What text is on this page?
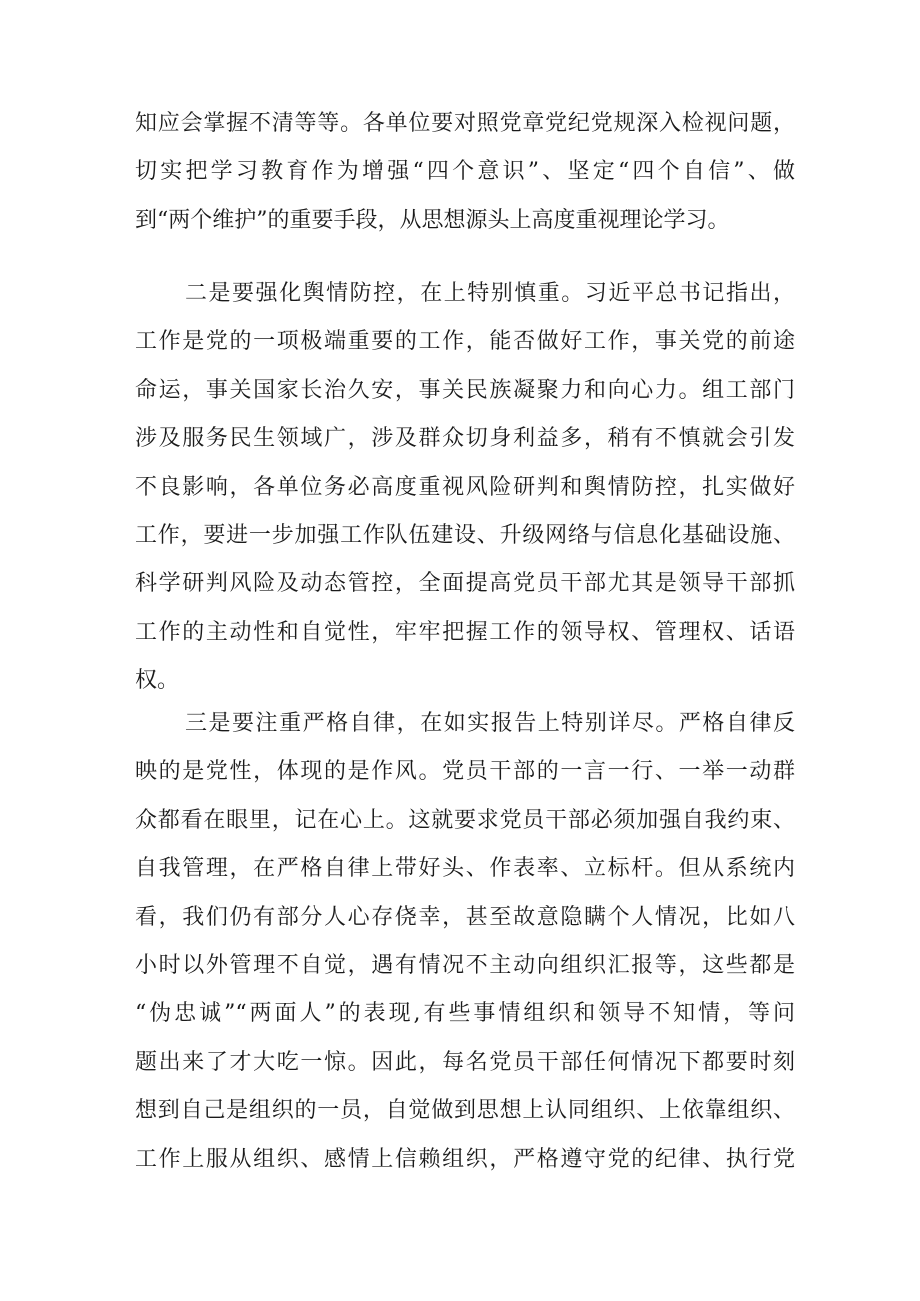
知应会掌握不清等等。各单位要对照党章党纪党规深入检视问题，
切实把学习教育作为增强“四个意识”、坚定“四个自信”、做
到“两个维护”的重要手段，从思想源头上高度重视理论学习。
二是要强化舆情防控，在上特别慎重。习近平总书记指出，
工作是党的一项极端重要的工作，能否做好工作，事关党的前途
命运，事关国家长治久安，事关民族凝聚力和向心力。组工部门
涉及服务民生领域广，涉及群众切身利益多，稍有不慎就会引发
不良影响，各单位务必高度重视风险研判和舆情防控，扎实做好
工作，要进一步加强工作队伍建设、升级网络与信息化基础设施、
科学研判风险及动态管控，全面提高党员干部尤其是领导干部抓
工作的主动性和自觉性，牢牢把握工作的领导权、管理权、话语
权。
三是要注重严格自律，在如实报告上特别详尽。严格自律反
映的是党性，体现的是作风。党员干部的一言一行、一举一动群
众都看在眼里，记在心上。这就要求党员干部必须加强自我约束、
自我管理，在严格自律上带好头、作表率、立标杆。但从系统内
看，我们仍有部分人心存侥幸，甚至故意隐瞒个人情况，比如八
小时以外管理不自觉，遇有情况不主动向组织汇报等，这些都是
“伪忠诚”“两面人”的表现,有些事情组织和领导不知情，等问
题出来了才大吃一惊。因此，每名党员干部任何情况下都要时刻
想到自己是组织的一员，自觉做到思想上认同组织、上依靠组织、
工作上服从组织、感情上信赖组织，严格遵守党的纪律、执行党
